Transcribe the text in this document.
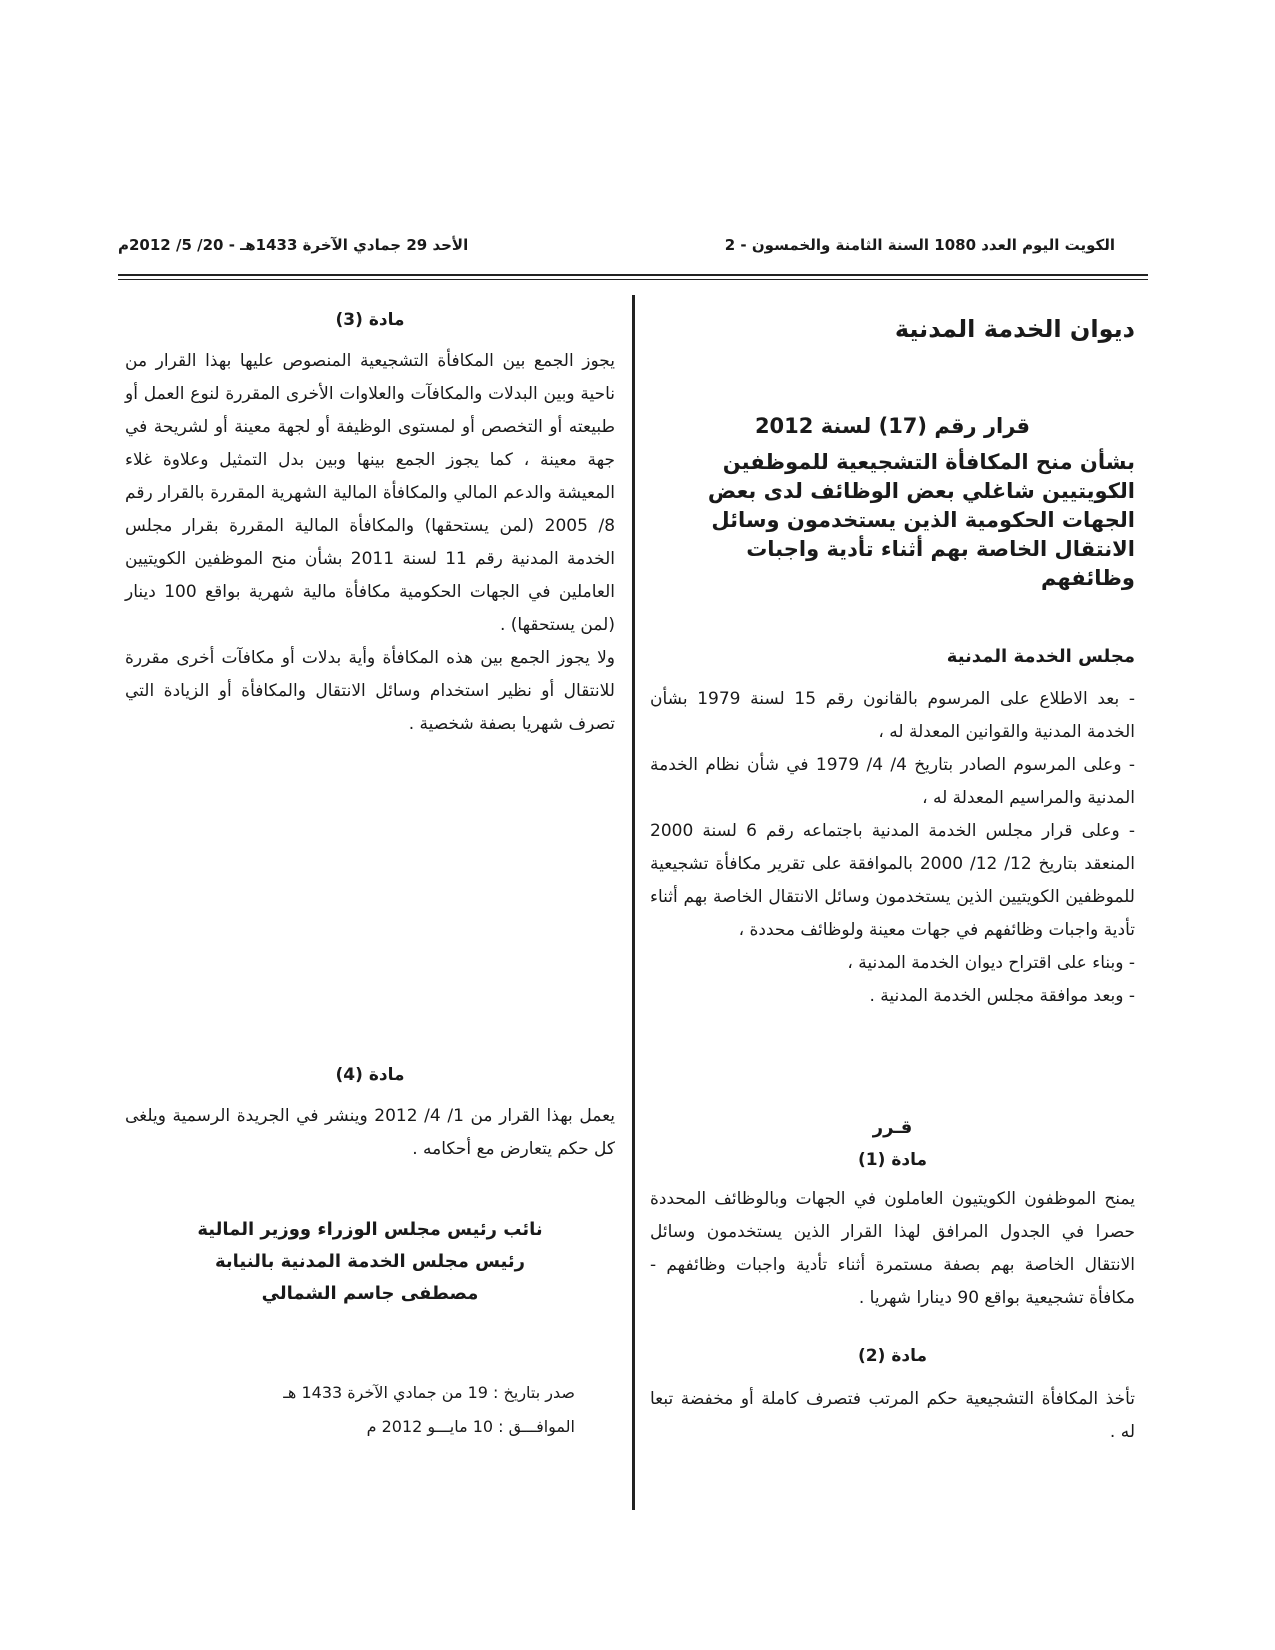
الكويت اليوم العدد 1080 السنة الثامنة والخمسون - 2
الأحد 29 جمادي الآخرة 1433هـ - 20/ 5/ 2012م
ديوان الخدمة المدنية
قرار رقم (17) لسنة 2012
بشأن منح المكافأة التشجيعية للموظفين الكويتيين شاغلي بعض الوظائف لدى بعض الجهات الحكومية الذين يستخدمون وسائل الانتقال الخاصة بهم أثناء تأدية واجبات وظائفهم
مجلس الخدمة المدنية

- بعد الاطلاع على المرسوم بالقانون رقم 15 لسنة 1979 بشأن الخدمة المدنية والقوانين المعدلة له ،

- وعلى المرسوم الصادر بتاريخ 4/ 4/ 1979 في شأن نظام الخدمة المدنية والمراسيم المعدلة له ،

- وعلى قرار مجلس الخدمة المدنية باجتماعه رقم 6 لسنة 2000 المنعقد بتاريخ 12/ 12/ 2000 بالموافقة على تقرير مكافأة تشجيعية للموظفين الكويتيين الذين يستخدمون وسائل الانتقال الخاصة بهم أثناء تأدية واجبات وظائفهم في جهات معينة ولوظائف محددة ،

- وبناء على اقتراح ديوان الخدمة المدنية ،

- وبعد موافقة مجلس الخدمة المدنية .

قـرر
مادة (1)

يمنح الموظفون الكويتيون العاملون في الجهات وبالوظائف المحددة حصرا في الجدول المرافق لهذا القرار الذين يستخدمون وسائل الانتقال الخاصة بهم بصفة مستمرة أثناء تأدية واجبات وظائفهم - مكافأة تشجيعية بواقع 90 دينارا شهريا .

مادة (2)

تأخذ المكافأة التشجيعية حكم المرتب فتصرف كاملة أو مخفضة تبعا له .

مادة (3)

يجوز الجمع بين المكافأة التشجيعية المنصوص عليها بهذا القرار من ناحية وبين البدلات والمكافآت والعلاوات الأخرى المقررة لنوع العمل أو طبيعته أو التخصص أو لمستوى الوظيفة أو لجهة معينة أو لشريحة في جهة معينة ، كما يجوز الجمع بينها وبين بدل التمثيل وعلاوة غلاء المعيشة والدعم المالي والمكافأة المالية الشهرية المقررة بالقرار رقم 8/ 2005 (لمن يستحقها) والمكافأة المالية المقررة بقرار مجلس الخدمة المدنية رقم 11 لسنة 2011 بشأن منح الموظفين الكويتيين العاملين في الجهات الحكومية مكافأة مالية شهرية بواقع 100 دينار (لمن يستحقها) .

ولا يجوز الجمع بين هذه المكافأة وأية بدلات أو مكافآت أخرى مقررة للانتقال أو نظير استخدام وسائل الانتقال والمكافأة أو الزيادة التي تصرف شهريا بصفة شخصية .

مادة (4)

يعمل بهذا القرار من 1/ 4/ 2012 وينشر في الجريدة الرسمية ويلغى كل حكم يتعارض مع أحكامه .

نائب رئيس مجلس الوزراء ووزير المالية
رئيس مجلس الخدمة المدنية بالنيابة
مصطفى جاسم الشمالي
صدر بتاريخ : 19 من جمادي الآخرة 1433 هـ
الموافـــق : 10 مايـــو 2012 م
